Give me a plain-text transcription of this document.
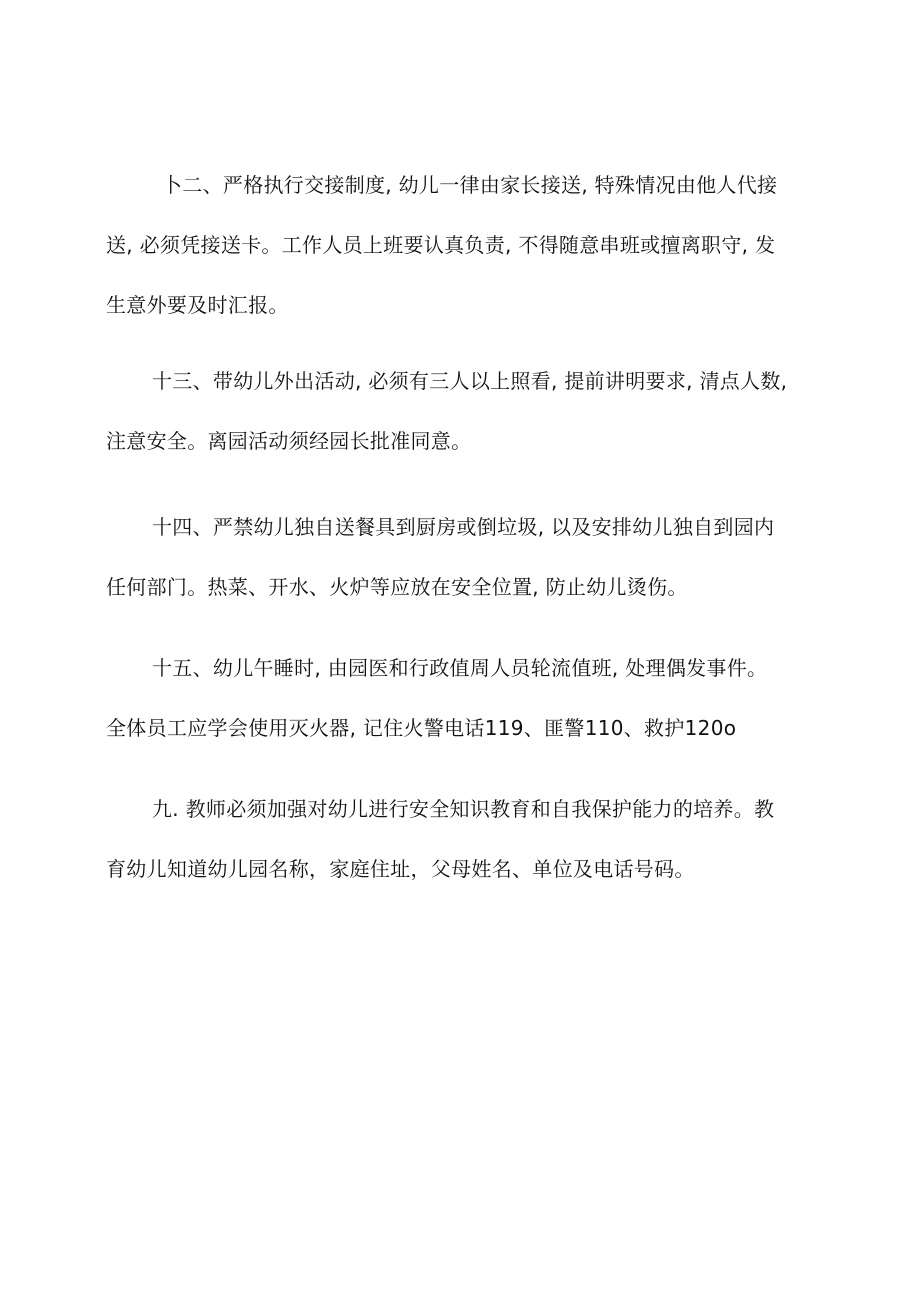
卜二、严格执行交接制度, 幼儿一律由家长接送, 特殊情况由他人代接
送, 必须凭接送卡。工作人员上班要认真负责, 不得随意串班或擅离职守, 发
生意外要及时汇报。
十三、带幼儿外出活动, 必须有三人以上照看, 提前讲明要求, 清点人数,
注意安全。离园活动须经园长批准同意。
十四、严禁幼儿独自送餐具到厨房或倒垃圾, 以及安排幼儿独自到园内
任何部门。热菜、开水、火炉等应放在安全位置, 防止幼儿烫伤。
十五、幼儿午睡时, 由园医和行政值周人员轮流值班, 处理偶发事件。
全体员工应学会使用灭火器, 记住火警电话119、匪警110、救护120o
九. 教师必须加强对幼儿进行安全知识教育和自我保护能力的培养。教
育幼儿知道幼儿园名称，家庭住址，父母姓名、单位及电话号码。
